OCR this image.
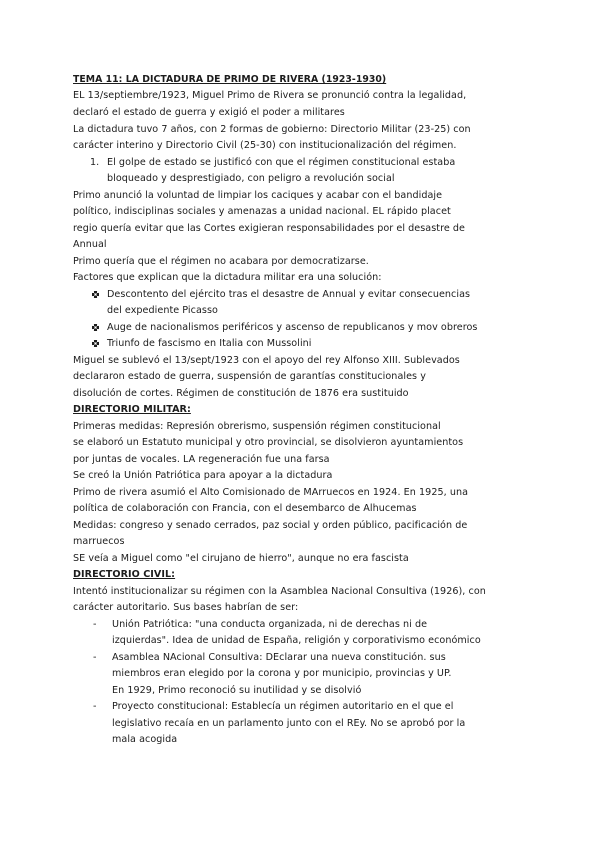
TEMA 11: LA DICTADURA DE PRIMO DE RIVERA (1923-1930)
EL 13/septiembre/1923, Miguel Primo de Rivera se pronunció contra la legalidad,
declaró el estado de guerra y exigió el poder a militares
La dictadura tuvo 7 años, con 2 formas de gobierno: Directorio Militar (23-25) con
carácter interino y Directorio Civil (25-30) con institucionalización del régimen.
1. El golpe de estado se justificó con que el régimen constitucional estaba
bloqueado y desprestigiado, con peligro a revolución social
Primo anunció la voluntad de limpiar los caciques y acabar con el bandidaje
político, indisciplinas sociales y amenazas a unidad nacional. EL rápido placet
regio quería evitar que las Cortes exigieran responsabilidades por el desastre de
Annual
Primo quería que el régimen no acabara por democratizarse.
Factores que explican que la dictadura militar era una solución:
Descontento del ejército tras el desastre de Annual y evitar consecuencias
del expediente Picasso
Auge de nacionalismos periféricos y ascenso de republicanos y mov obreros
Triunfo de fascismo en Italia con Mussolini
Miguel se sublevó el 13/sept/1923 con el apoyo del rey Alfonso XIII. Sublevados
declararon estado de guerra, suspensión de garantías constitucionales y
disolución de cortes. Régimen de constitución de 1876 era sustituido
DIRECTORIO MILITAR:
Primeras medidas: Represión obrerismo, suspensión régimen constitucional
se elaboró un Estatuto municipal y otro provincial, se disolvieron ayuntamientos
por juntas de vocales. LA regeneración fue una farsa
Se creó la Unión Patriótica para apoyar a la dictadura
Primo de rivera asumió el Alto Comisionado de MArruecos en 1924. En 1925, una
política de colaboración con Francia, con el desembarco de Alhucemas
Medidas: congreso y senado cerrados, paz social y orden público, pacificación de
marruecos
SE veía a Miguel como "el cirujano de hierro", aunque no era fascista
DIRECTORIO CIVIL:
Intentó institucionalizar su régimen con la Asamblea Nacional Consultiva (1926), con
carácter autoritario. Sus bases habrían de ser:
- Unión Patriótica: "una conducta organizada, ni de derechas ni de
izquierdas". Idea de unidad de España, religión y corporativismo económico
- Asamblea NAcional Consultiva: DEclarar una nueva constitución. sus
miembros eran elegido por la corona y por municipio, provincias y UP.
En 1929, Primo reconoció su inutilidad y se disolvió
- Proyecto constitucional: Establecía un régimen autoritario en el que el
legislativo recaía en un parlamento junto con el REy. No se aprobó por la
mala acogida
